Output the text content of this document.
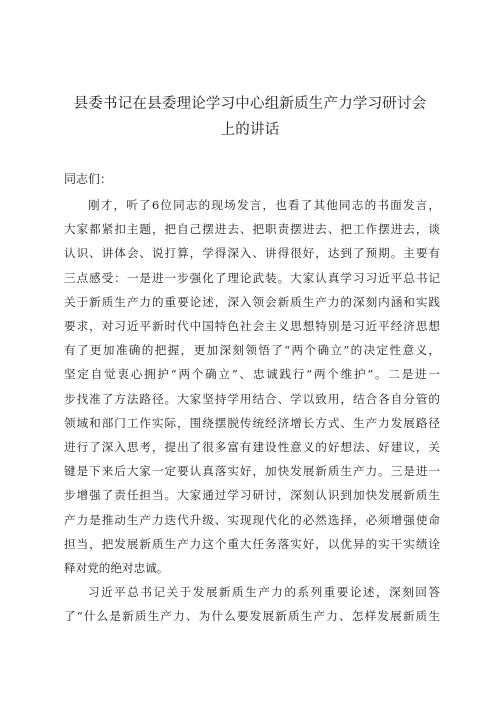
县委书记在县委理论学习中心组新质生产力学习研讨会
上的讲话
同志们：
刚才，听了6位同志的现场发言，也看了其他同志的书面发言，
大家都紧扣主题，把自己摆进去、把职责摆进去、把工作摆进去，谈
认识、讲体会、说打算，学得深入、讲得很好，达到了预期。主要有
三点感受：一是进一步强化了理论武装。大家认真学习习近平总书记
关于新质生产力的重要论述，深入领会新质生产力的深刻内涵和实践
要求，对习近平新时代中国特色社会主义思想特别是习近平经济思想
有了更加准确的把握，更加深刻领悟了“两个确立”的决定性意义，
坚定自觉衷心拥护“两个确立”、忠诚践行“两个维护”。二是进一
步找准了方法路径。大家坚持学用结合、学以致用，结合各自分管的
领域和部门工作实际，围绕摆脱传统经济增长方式、生产力发展路径
进行了深入思考，提出了很多富有建设性意义的好想法、好建议，关
键是下来后大家一定要认真落实好，加快发展新质生产力。三是进一
步增强了责任担当。大家通过学习研讨，深刻认识到加快发展新质生
产力是推动生产力迭代升级、实现现代化的必然选择，必须增强使命
担当，把发展新质生产力这个重大任务落实好，以优异的实干实绩诠
释对党的绝对忠诚。
习近平总书记关于发展新质生产力的系列重要论述，深刻回答
了“什么是新质生产力、为什么要发展新质生产力、怎样发展新质生
